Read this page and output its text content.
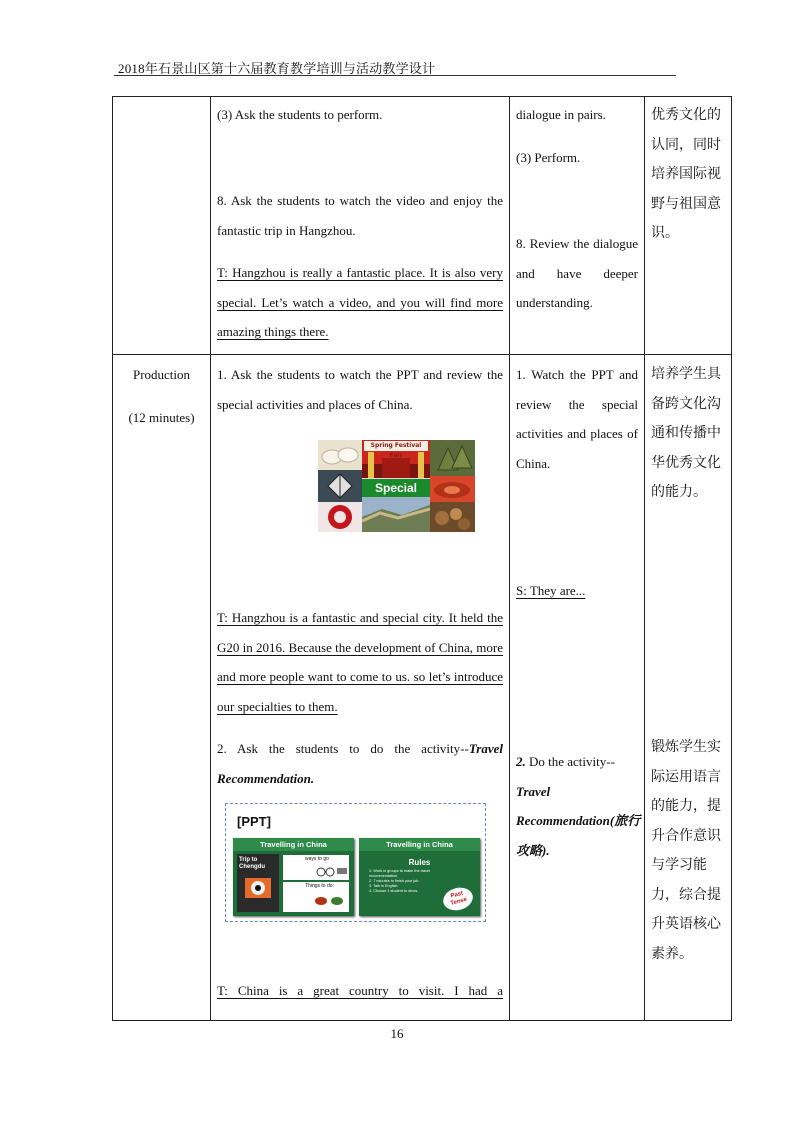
2018年石景山区第十六届教育教学培训与活动教学设计
(3) Ask the students to perform.
8. Ask the students to watch the video and enjoy the fantastic trip in Hangzhou.
T: Hangzhou is really a fantastic place. It is also very special. Let’s watch a video, and you will find more amazing things there.
dialogue in pairs.
(3) Perform.
8. Review the dialogue and have deeper understanding.
优秀文化的认同，同时培养国际视野与祖国意识。
Production
(12 minutes)
1. Ask the students to watch the PPT and review the special activities and places of China.
Spring Festival Fair
Special
T: Hangzhou is a fantastic and special city. It held the G20 in 2016. Because the development of China, more and more people want to come to us. so let’s introduce our specialties to them.
2. Ask the students to do the activity--Travel Recommendation.
[PPT]
Travelling in China
Trip to Chengdu
ways to go
Things to do:
Travelling in China
Rules
1. Work in groups to make the travel recommendation.
2. 7 minutes to finish your job.
3. Talk in English.
4. Choose 1 student to show.	Past Tense
T: China is a great country to visit. I had a
1. Watch the PPT and review the special activities and places of China.
S: They are...
2. Do the activity-- Travel Recommendation(旅行攻略).
培养学生具备跨文化沟通和传播中华优秀文化的能力。
锻炼学生实际运用语言的能力，提升合作意识与学习能力，综合提升英语核心素养。
16
